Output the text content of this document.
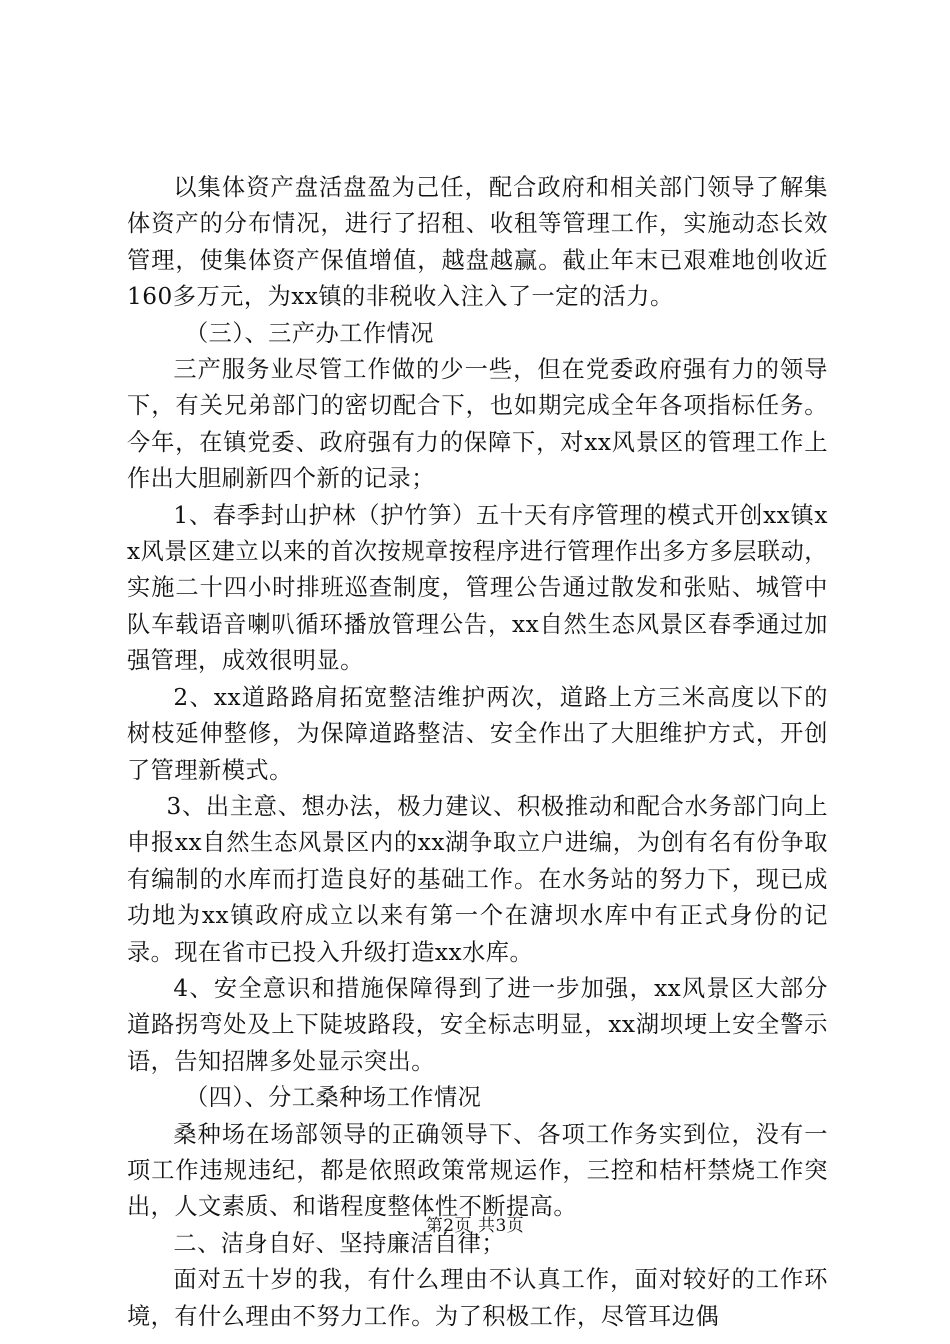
以集体资产盘活盘盈为己任，配合政府和相关部门领导了解集体资产的分布情况，进行了招租、收租等管理工作，实施动态长效管理，使集体资产保值增值，越盘越赢。截止年末已艰难地创收近160多万元，为xx镇的非税收入注入了一定的活力。

（三）、三产办工作情况

三产服务业尽管工作做的少一些，但在党委政府强有力的领导下，有关兄弟部门的密切配合下，也如期完成全年各项指标任务。今年，在镇党委、政府强有力的保障下，对xx风景区的管理工作上作出大胆刷新四个新的记录；

1、春季封山护林（护竹笋）五十天有序管理的模式开创xx镇xx风景区建立以来的首次按规章按程序进行管理作出多方多层联动，实施二十四小时排班巡查制度，管理公告通过散发和张贴、城管中队车载语音喇叭循环播放管理公告，xx自然生态风景区春季通过加强管理，成效很明显。

2、xx道路路肩拓宽整洁维护两次，道路上方三米高度以下的树枝延伸整修，为保障道路整洁、安全作出了大胆维护方式，开创了管理新模式。

3、出主意、想办法，极力建议、积极推动和配合水务部门向上申报xx自然生态风景区内的xx湖争取立户进编，为创有名有份争取有编制的水库而打造良好的基础工作。在水务站的努力下，现已成功地为xx镇政府成立以来有第一个在溏坝水库中有正式身份的记录。现在省市已投入升级打造xx水库。

4、安全意识和措施保障得到了进一步加强，xx风景区大部分道路拐弯处及上下陡坡路段，安全标志明显，xx湖坝埂上安全警示语，告知招牌多处显示突出。

（四）、分工桑种场工作情况

桑种场在场部领导的正确领导下、各项工作务实到位，没有一项工作违规违纪，都是依照政策常规运作，三控和桔杆禁烧工作突出，人文素质、和谐程度整体性不断提高。

二、洁身自好、坚持廉洁自律；

面对五十岁的我，有什么理由不认真工作，面对较好的工作环境，有什么理由不努力工作。为了积极工作，尽管耳边偶

第2页 共3页
